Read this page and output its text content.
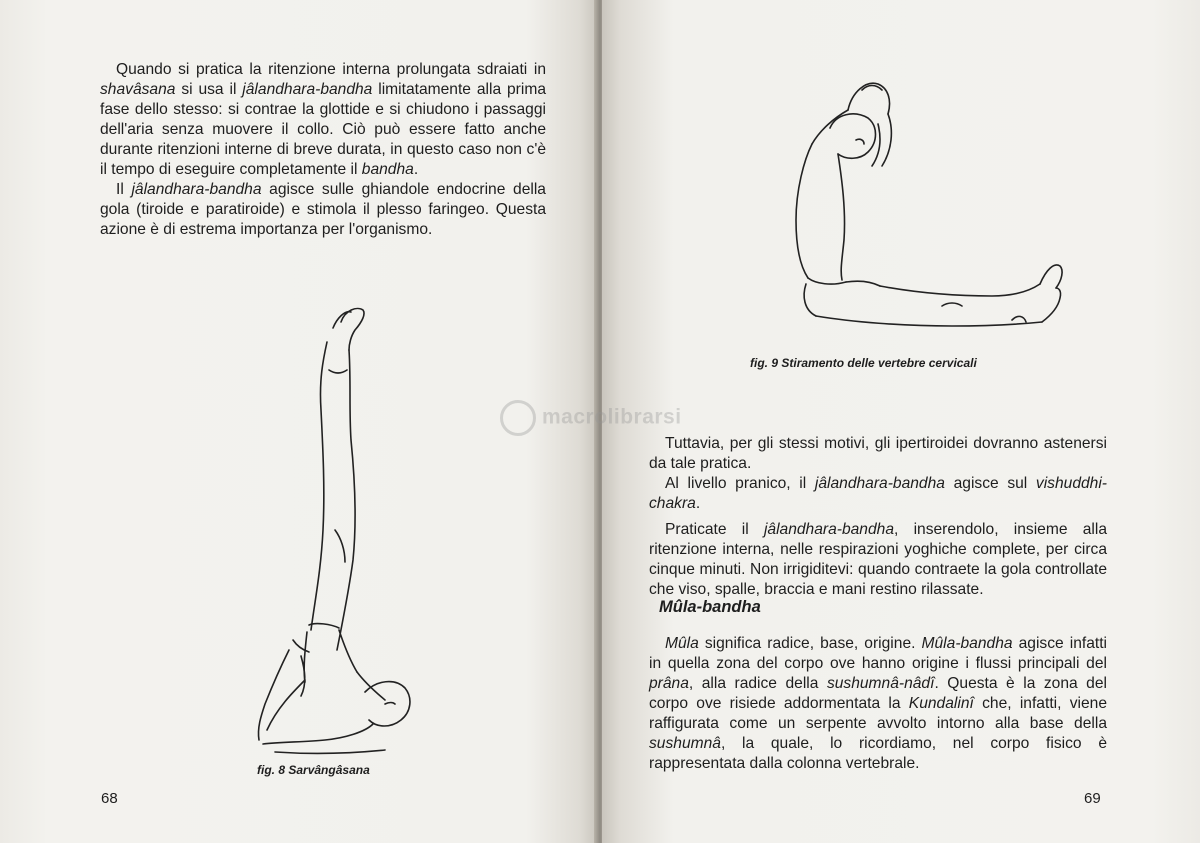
Quando si pratica la ritenzione interna prolungata sdraiati in shavâsana si usa il jâlandhara-bandha limitatamente alla prima fase dello stesso: si contrae la glottide e si chiudono i passaggi dell'aria senza muovere il collo. Ciò può essere fatto anche durante ritenzioni interne di breve durata, in questo caso non c'è il tempo di eseguire completamente il bandha.

Il jâlandhara-bandha agisce sulle ghiandole endocrine della gola (tiroide e paratiroide) e stimola il plesso faringeo. Questa azione è di estrema importanza per l'organismo.

fig. 8 Sarvângâsana
68
fig. 9 Stiramento delle vertebre cervicali

Tuttavia, per gli stessi motivi, gli ipertiroidei dovranno astenersi da tale pratica.

Al livello pranico, il jâlandhara-bandha agisce sul vishuddhi-chakra.

Praticate il jâlandhara-bandha, inserendolo, insieme alla ritenzione interna, nelle respirazioni yoghiche complete, per circa cinque minuti. Non irrigiditevi: quando contraete la gola controllate che viso, spalle, braccia e mani restino rilassate.

Mûla-bandha

Mûla significa radice, base, origine. Mûla-bandha agisce infatti in quella zona del corpo ove hanno origine i flussi principali del prâna, alla radice della sushumnâ-nâdî. Questa è la zona del corpo ove risiede addormentata la Kundalinî che, infatti, viene raffigurata come un serpente avvolto intorno alla base della sushumnâ, la quale, lo ricordiamo, nel corpo fisico è rappresentata dalla colonna vertebrale.

69
macrolibrarsi
